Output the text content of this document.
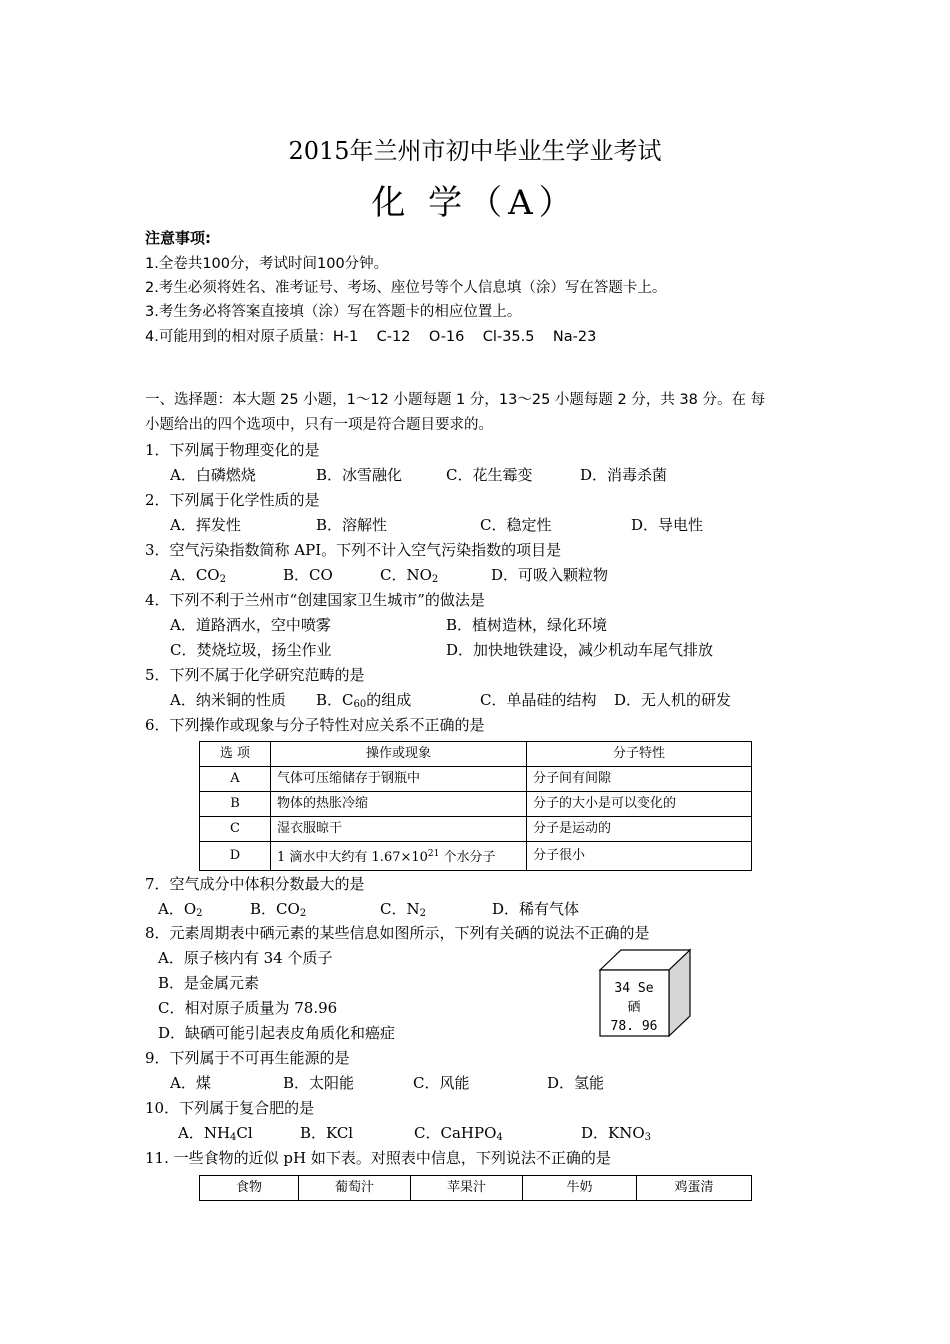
2015年兰州市初中毕业生学业考试
化 学（A）
注意事项:
1.全卷共100分，考试时间100分钟。
2.考生必须将姓名、准考证号、考场、座位号等个人信息填（涂）写在答题卡上。
3.考生务必将答案直接填（涂）写在答题卡的相应位置上。
4.可能用到的相对原子质量：H-1    C-12    O-16    Cl-35.5    Na-23
一、选择题：本大题 25 小题，1～12 小题每题 1 分，13～25 小题每题 2 分，共 38 分。在 每
小题给出的四个选项中，只有一项是符合题目要求的。
1．下列属于物理变化的是
A．白磷燃烧	B．冰雪融化	C．花生霉变	D．消毒杀菌
2．下列属于化学性质的是
A．挥发性	B．溶解性	C．稳定性	D．导电性
3．空气污染指数简称 API。下列不计入空气污染指数的项目是
A．$CO_2$	B．CO	C．$NO_2$	D．可吸入颗粒物
4．下列不利于兰州市“创建国家卫生城市”的做法是
A．道路洒水，空中喷雾	B．植树造林，绿化环境
C．焚烧垃圾，扬尘作业	D．加快地铁建设，减少机动车尾气排放
5．下列不属于化学研究范畴的是
A．纳米铜的性质 B．$C_{60}$的组成	C．单晶硅的结构 D．无人机的研发
6．下列操作或现象与分子特性对应关系不正确的是
选 项	操作或现象	分子特性
A	气体可压缩储存于钢瓶中	分子间有间隙
B	物体的热胀冷缩	分子的大小是可以变化的
C	湿衣服晾干	分子是运动的
D	1 滴水中大约有 $1.67\times 10^{21}$ 个水分子	分子很小
7．空气成分中体积分数最大的是
A．$O_2$	B．$CO_2$	C．$N_2$	D．稀有气体
8．元素周期表中硒元素的某些信息如图所示，下列有关硒的说法不正确的是
A．原子核内有 34 个质子
B．是金属元素
C．相对原子质量为 78.96
D．缺硒可能引起表皮角质化和癌症
34 Se
硒
78. 96
9．下列属于不可再生能源的是
A．煤	B．太阳能	C．风能	D．氢能
10．下列属于复合肥的是
A．$NH_4Cl$	B．KCl	C．CaHPO$_4$	D．$KNO_3$
11. 一些食物的近似 pH 如下表。对照表中信息，下列说法不正确的是
食物	葡萄汁	苹果汁	牛奶	鸡蛋清
